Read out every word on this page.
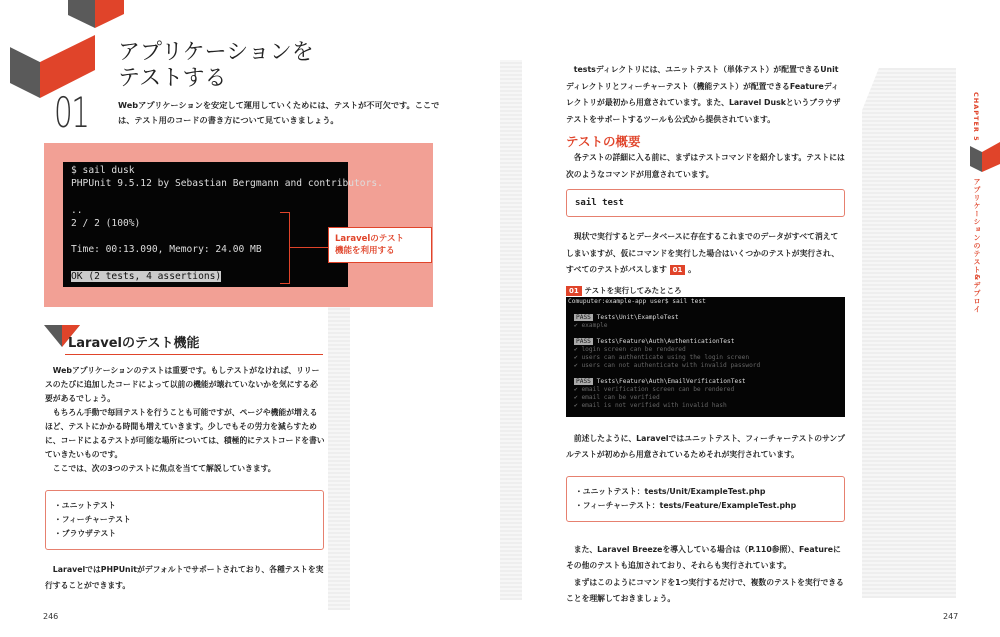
アプリケーションを
テストする
01	Webアプリケーションを安定して運用していくためには、テストが不可欠です。ここでは、テスト用のコードの書き方について見ていきましょう。
$ sail dusk
PHPUnit 9.5.12 by Sebastian Bergmann and contributors.
..
2 / 2 (100%)
Time: 00:13.090, Memory: 24.00 MB
OK (2 tests, 4 assertions)
Laravelのテスト
機能を利用する
Laravelのテスト機能

Webアプリケーションのテストは重要です。もしテストがなければ、リリースのたびに追加したコードによって以前の機能が壊れていないかを気にする必要があるでしょう。

もちろん手動で毎回テストを行うことも可能ですが、ページや機能が増えるほど、テストにかかる時間も増えていきます。少しでもその労力を減らすために、コードによるテストが可能な場所については、積極的にテストコードを書いていきたいものです。

ここでは、次の3つのテストに焦点を当てて解説していきます。

・ユニットテスト
・フィーチャーテスト
・ブラウザテスト

LaravelではPHPUnitがデフォルトでサポートされており、各種テストを実行することができます。

246

testsディレクトリには、ユニットテスト（単体テスト）が配置できるUnitディレクトリとフィーチャーテスト（機能テスト）が配置できるFeatureディレクトリが最初から用意されています。また、Laravel Duskというブラウザテストをサポートするツールも公式から提供されています。

テストの概要

各テストの詳細に入る前に、まずはテストコマンドを紹介します。テストには次のようなコマンドが用意されています。

sail test

現状で実行するとデータベースに存在するこれまでのデータがすべて消えてしまいますが、仮にコマンドを実行した場合はいくつかのテストが実行され、すべてのテストがパスします 01 。

01 テストを実行してみたところ
Comuputer:example-app user$ sail test
PASS Tests\Unit\ExampleTest
✔ example
PASS Tests\Feature\Auth\AuthenticationTest
✔ login screen can be rendered
✔ users can authenticate using the login screen
✔ users can not authenticate with invalid password
PASS Tests\Feature\Auth\EmailVerificationTest
✔ email verification screen can be rendered
✔ email can be verified
✔ email is not verified with invalid hash

前述したように、Laravelではユニットテスト、フィーチャーテストのサンプルテストが初めから用意されているためそれが実行されています。

・ユニットテスト：tests/Unit/ExampleTest.php
・フィーチャーテスト：tests/Feature/ExampleTest.php

また、Laravel Breezeを導入している場合は（P.110参照）、Featureにその他のテストも追加されており、それらも実行されています。

まずはこのようにコマンドを1つ実行するだけで、複数のテストを実行できることを理解しておきましょう。

247
CHAPTER 5
アプリケーションのテスト&デプロイ
